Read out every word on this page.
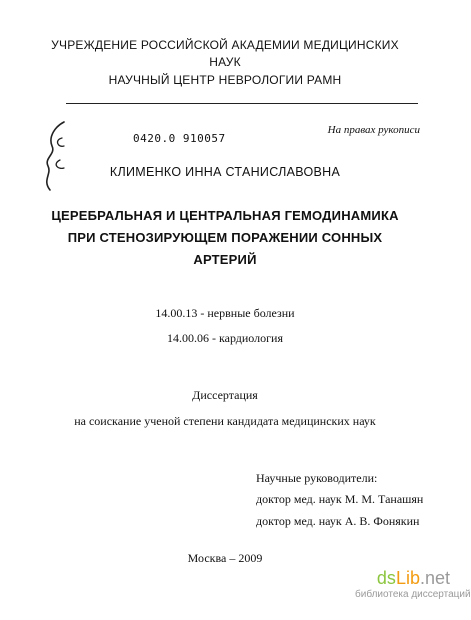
УЧРЕЖДЕНИЕ РОССИЙСКОЙ АКАДЕМИИ МЕДИЦИНСКИХ
НАУК
НАУЧНЫЙ ЦЕНТР НЕВРОЛОГИИ РАМН
На правах рукописи
0420.0 910057
КЛИМЕНКО ИННА СТАНИСЛАВОВНА
ЦЕРЕБРАЛЬНАЯ И ЦЕНТРАЛЬНАЯ ГЕМОДИНАМИКА
ПРИ СТЕНОЗИРУЮЩЕМ ПОРАЖЕНИИ СОННЫХ
АРТЕРИЙ
14.00.13 - нервные болезни
14.00.06 - кардиология
Диссертация
на соискание ученой степени кандидата медицинских наук
Научные руководители:
доктор мед. наук М. М. Танашян
доктор мед. наук А. В. Фонякин
Москва – 2009
dsLib.net
библиотека диссертаций
